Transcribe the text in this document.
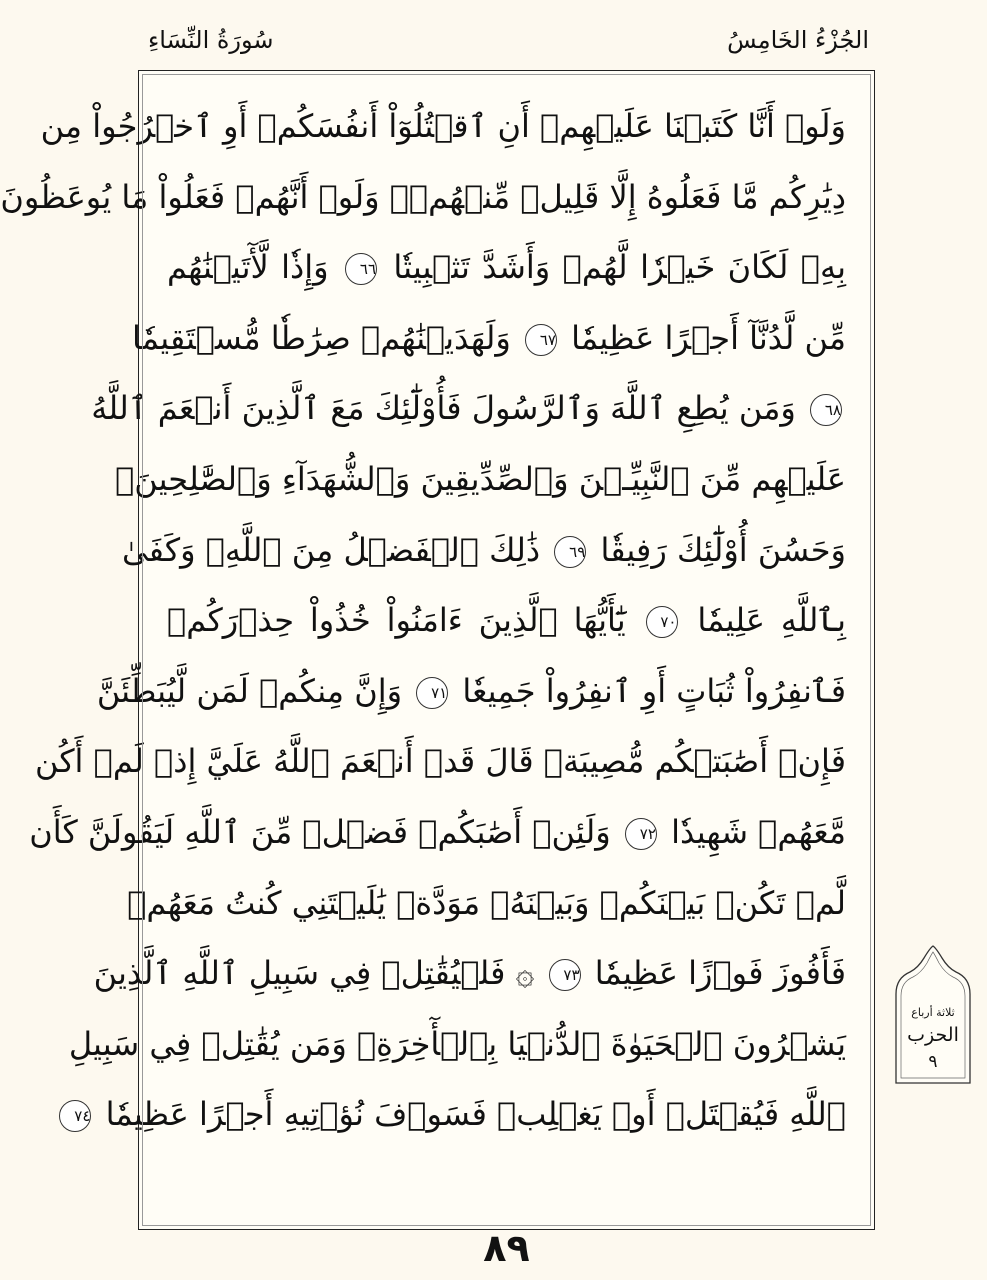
الجُزْءُ الخَامِسُ
سُورَةُ النِّسَاءِ
وَلَوۡ أَنَّا كَتَبۡنَا عَلَيۡهِمۡ أَنِ ٱقۡتُلُوٓاْ أَنفُسَكُمۡ أَوِ ٱخۡرُجُواْ مِن
دِيَٰرِكُم مَّا فَعَلُوهُ إِلَّا قَلِيلٞ مِّنۡهُمۡۖ وَلَوۡ أَنَّهُمۡ فَعَلُواْ مَا يُوعَظُونَ
بِهِۦ لَكَانَ خَيۡرٗا لَّهُمۡ وَأَشَدَّ تَثۡبِيتٗا ٦٦ وَإِذٗا لَّأٓتَيۡنَٰهُم
مِّن لَّدُنَّآ أَجۡرًا عَظِيمٗا ٦٧ وَلَهَدَيۡنَٰهُمۡ صِرَٰطٗا مُّسۡتَقِيمٗا
٦٨ وَمَن يُطِعِ ٱللَّهَ وَٱلرَّسُولَ فَأُوْلَٰٓئِكَ مَعَ ٱلَّذِينَ أَنۡعَمَ ٱللَّهُ
عَلَيۡهِم مِّنَ ٱلنَّبِيِّـۧنَ وَٱلصِّدِّيقِينَ وَٱلشُّهَدَآءِ وَٱلصَّٰلِحِينَۚ
وَحَسُنَ أُوْلَٰٓئِكَ رَفِيقٗا ٦٩ ذَٰلِكَ ٱلۡفَضۡلُ مِنَ ٱللَّهِۚ وَكَفَىٰ
بِٱللَّهِ عَلِيمٗا ٧٠ يَٰٓأَيُّهَا ٱلَّذِينَ ءَامَنُواْ خُذُواْ حِذۡرَكُمۡ
فَٱنفِرُواْ ثُبَاتٍ أَوِ ٱنفِرُواْ جَمِيعٗا ٧١ وَإِنَّ مِنكُمۡ لَمَن لَّيُبَطِّئَنَّ
فَإِنۡ أَصَٰبَتۡكُم مُّصِيبَةٞ قَالَ قَدۡ أَنۡعَمَ ٱللَّهُ عَلَيَّ إِذۡ لَمۡ أَكُن
مَّعَهُمۡ شَهِيدٗا ٧٢ وَلَئِنۡ أَصَٰبَكُمۡ فَضۡلٞ مِّنَ ٱللَّهِ لَيَقُولَنَّ كَأَن
لَّمۡ تَكُنۢ بَيۡنَكُمۡ وَبَيۡنَهُۥ مَوَدَّةٞ يَٰلَيۡتَنِي كُنتُ مَعَهُمۡ
فَأَفُوزَ فَوۡزًا عَظِيمٗا ٧٣ ۞ فَلۡيُقَٰتِلۡ فِي سَبِيلِ ٱللَّهِ ٱلَّذِينَ
يَشۡرُونَ ٱلۡحَيَوٰةَ ٱلدُّنۡيَا بِٱلۡأٓخِرَةِۚ وَمَن يُقَٰتِلۡ فِي سَبِيلِ
ٱللَّهِ فَيُقۡتَلۡ أَوۡ يَغۡلِبۡ فَسَوۡفَ نُؤۡتِيهِ أَجۡرًا عَظِيمٗا ٧٤
ثلاثة أرباع
الحزب
٩
٨٩
